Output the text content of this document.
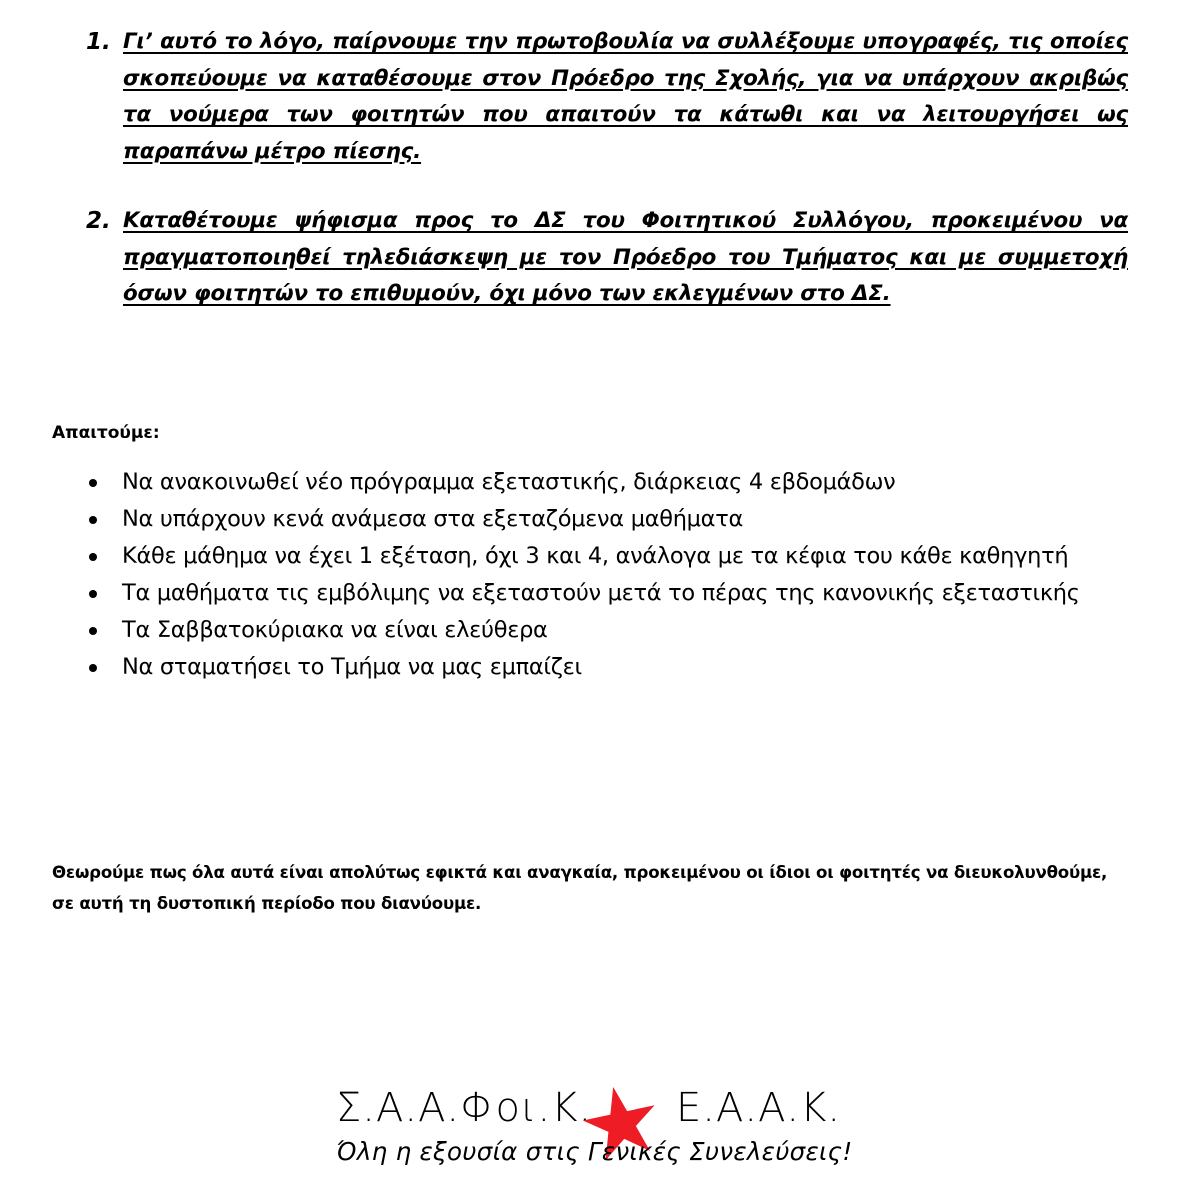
1. Γι’ αυτό το λόγο, παίρνουμε την πρωτοβουλία να συλλέξουμε υπογραφές, τις οποίες σκοπεύουμε να καταθέσουμε στον Πρόεδρο της Σχολής, για να υπάρχουν ακριβώς τα νούμερα των φοιτητών που απαιτούν τα κάτωθι και να λειτουργήσει ως παραπάνω μέτρο πίεσης.
2. Καταθέτουμε ψήφισμα προς το ΔΣ του Φοιτητικού Συλλόγου, προκειμένου να πραγματοποιηθεί τηλεδιάσκεψη με τον Πρόεδρο του Τμήματος και με συμμετοχή όσων φοιτητών το επιθυμούν, όχι μόνο των εκλεγμένων στο ΔΣ.
Απαιτούμε:
Να ανακοινωθεί νέο πρόγραμμα εξεταστικής, διάρκειας 4 εβδομάδων
Να υπάρχουν κενά ανάμεσα στα εξεταζόμενα μαθήματα
Κάθε μάθημα να έχει 1 εξέταση, όχι 3 και 4, ανάλογα με τα κέφια του κάθε καθηγητή
Τα μαθήματα τις εμβόλιμης να εξεταστούν μετά το πέρας της κανονικής εξεταστικής
Τα Σαββατοκύριακα να είναι ελεύθερα
Να σταματήσει το Τμήμα να μας εμπαίζει
Θεωρούμε πως όλα αυτά είναι απολύτως εφικτά και αναγκαία, προκειμένου οι ίδιοι οι φοιτητές να διευκολυνθούμε, σε αυτή τη δυστοπική περίοδο που διανύουμε.
Σ.Α.Α.Φοι.Κ. Ε.Α.Α.Κ.
Όλη η εξουσία στις Γενικές Συνελεύσεις!
